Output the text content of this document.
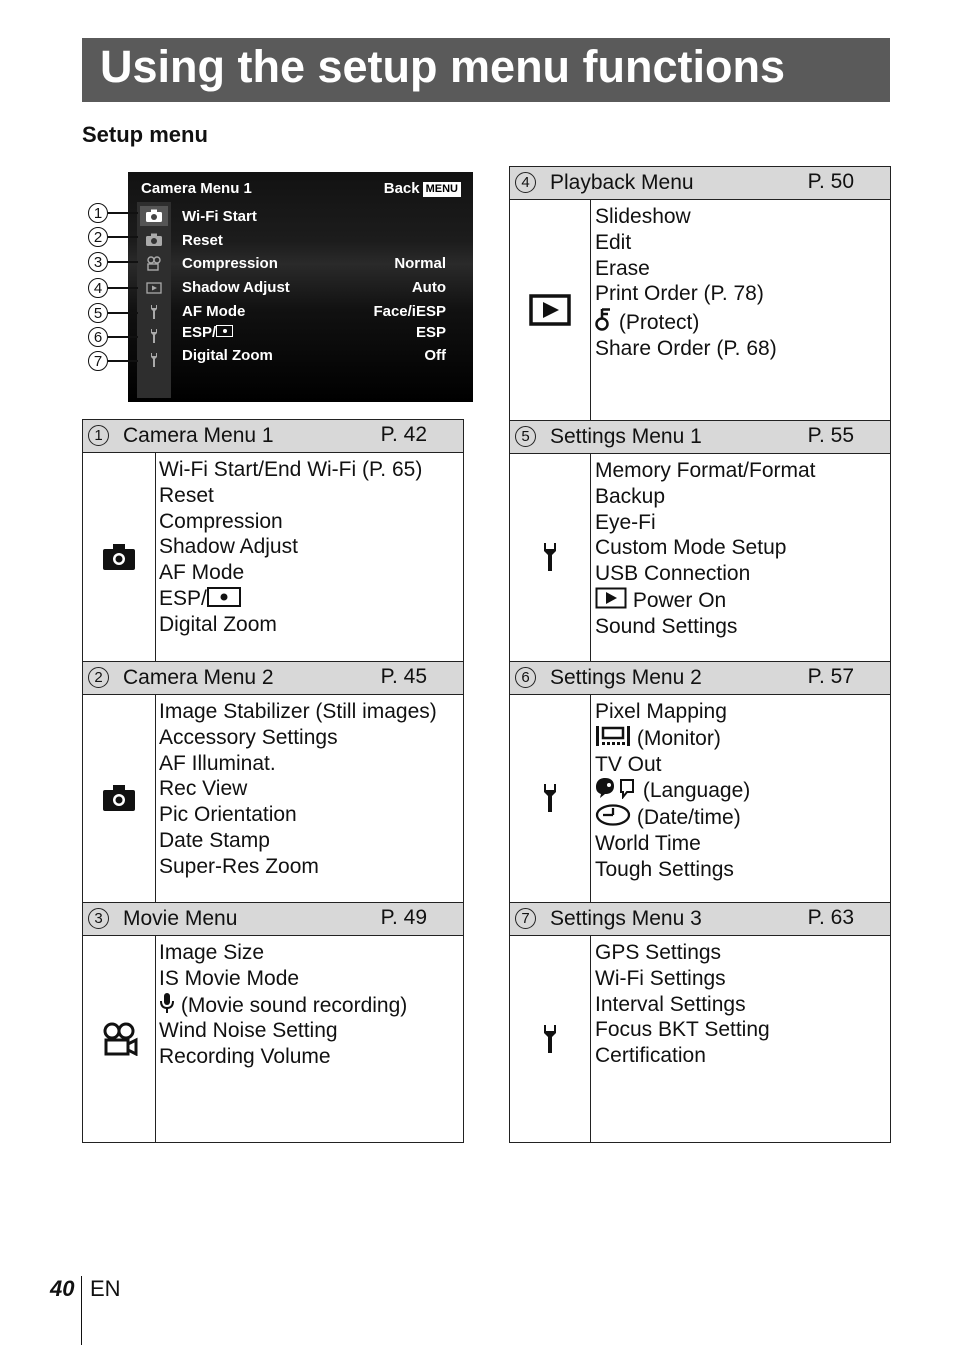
Using the setup menu functions
Setup menu
Camera Menu 1	Back MENU
Wi-Fi Start
Reset
Compression	Normal
Shadow Adjust	Auto
AF Mode	Face/iESP
ESP/	ESP
Digital Zoom	Off
1
2
3
4
5
6
7
1 Camera Menu 1	P. 42
Wi-Fi Start/End Wi-Fi (P. 65)
Reset
Compression
Shadow Adjust
AF Mode
ESP/
Digital Zoom
2 Camera Menu 2	P. 45
Image Stabilizer (Still images)
Accessory Settings
AF Illuminat.
Rec View
Pic Orientation
Date Stamp
Super-Res Zoom
3 Movie Menu	P. 49
Image Size
IS Movie Mode
(Movie sound recording)
Wind Noise Setting
Recording Volume
4 Playback Menu	P. 50
Slideshow
Edit
Erase
Print Order (P. 78)
(Protect)
Share Order (P. 68)
5 Settings Menu 1	P. 55
Memory Format/Format
Backup
Eye-Fi
Custom Mode Setup
USB Connection
Power On
Sound Settings
6 Settings Menu 2	P. 57
Pixel Mapping
(Monitor)
TV Out
(Language)
(Date/time)
World Time
Tough Settings
7 Settings Menu 3	P. 63
GPS Settings
Wi-Fi Settings
Interval Settings
Focus BKT Setting
Certification
40 EN
